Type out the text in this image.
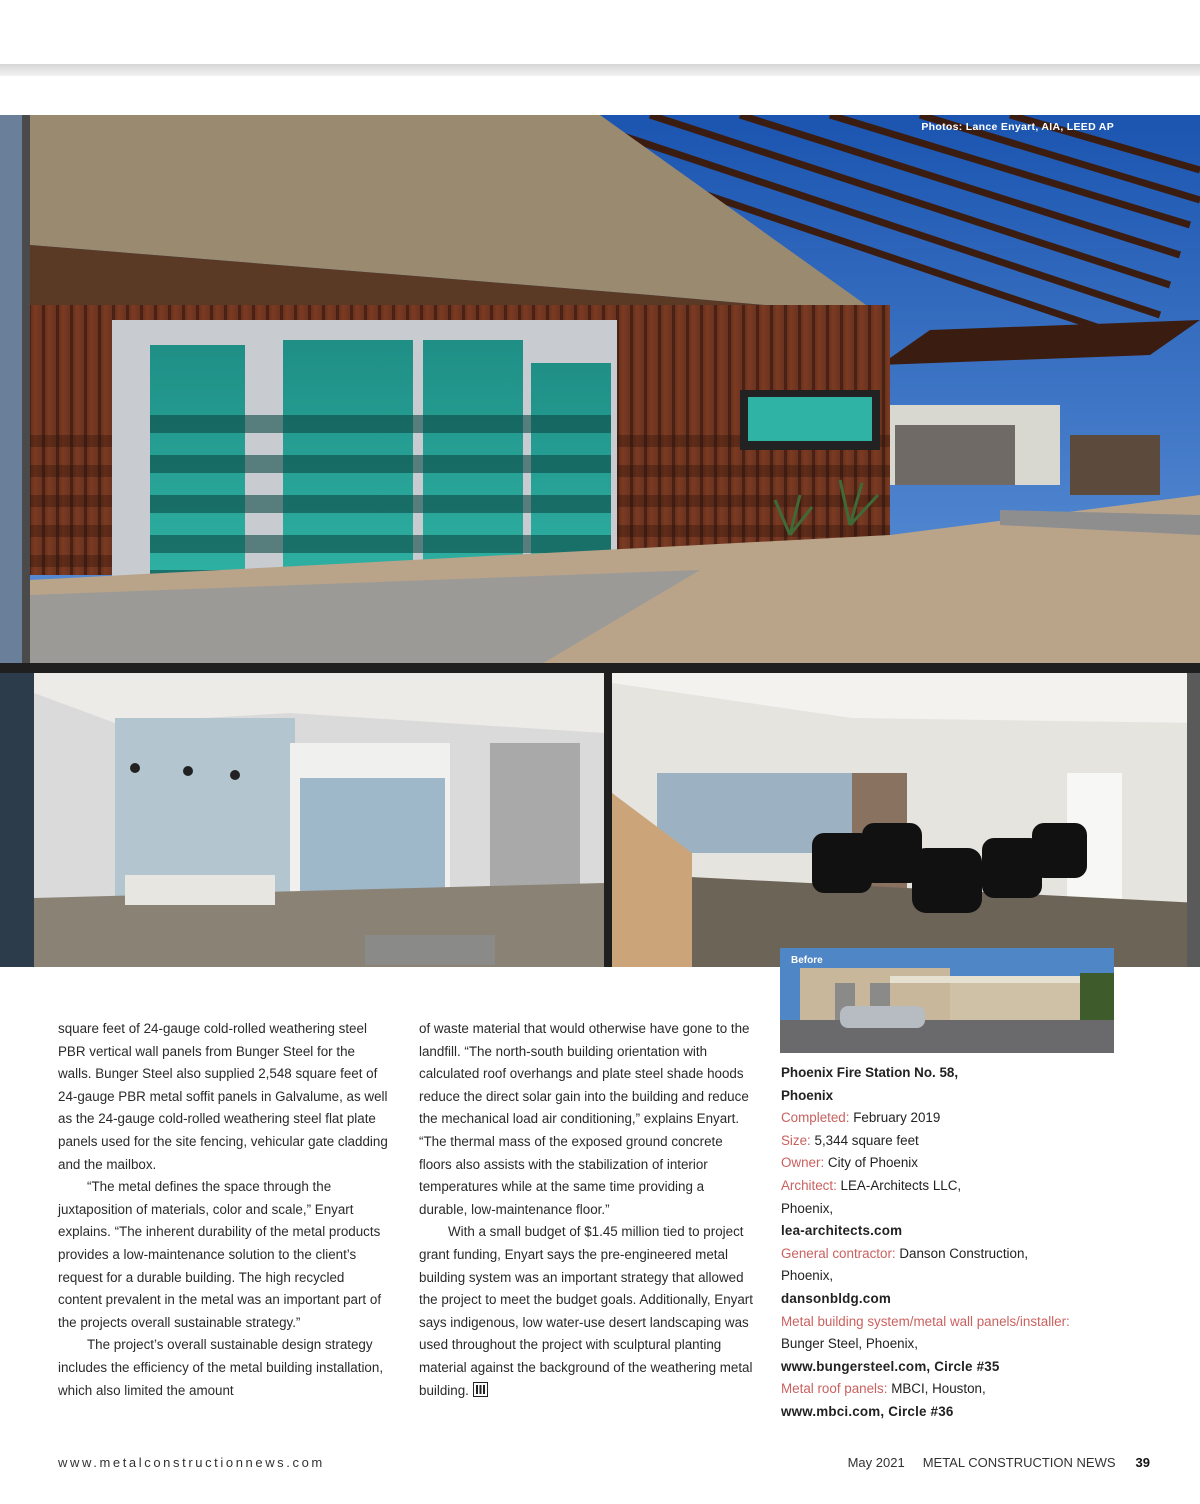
Photos: Lance Enyart, AIA, LEED AP
Before

square feet of 24-gauge cold-rolled weathering steel PBR vertical wall panels from Bunger Steel for the walls. Bunger Steel also supplied 2,548 square feet of 24-gauge PBR metal soffit panels in Galvalume, as well as the 24-gauge cold-rolled weathering steel flat plate panels used for the site fencing, vehicular gate cladding and the mailbox.

“The metal defines the space through the juxtaposition of materials, color and scale,” Enyart explains. “The inherent durability of the metal products provides a low-maintenance solution to the client’s request for a durable building. The high recycled content prevalent in the metal was an important part of the projects overall sustainable strategy.”

The project’s overall sustainable design strategy includes the efficiency of the metal building installation, which also limited the amount

of waste material that would otherwise have gone to the landfill. “The north-south building orientation with calculated roof overhangs and plate steel shade hoods reduce the direct solar gain into the building and reduce the mechanical load air conditioning,” explains Enyart. “The thermal mass of the exposed ground concrete floors also assists with the stabilization of interior temperatures while at the same time providing a durable, low-maintenance floor.”

With a small budget of $1.45 million tied to project grant funding, Enyart says the pre-engineered metal building system was an important strategy that allowed the project to meet the budget goals. Additionally, Enyart says indigenous, low water-use desert landscaping was used throughout the project with sculptural planting material against the background of the weathering metal building.

Phoenix Fire Station No. 58,
Phoenix
Completed: February 2019
Size: 5,344 square feet
Owner: City of Phoenix
Architect: LEA-Architects LLC,
Phoenix,
lea-architects.com
General contractor: Danson Construction,
Phoenix,
dansonbldg.com
Metal building system/metal wall panels/installer:
Bunger Steel, Phoenix,
www.bungersteel.com, Circle #35
Metal roof panels: MBCI, Houston,
www.mbci.com, Circle #36
www.metalconstructionnews.com	May 2021 METAL CONSTRUCTION NEWS 39
